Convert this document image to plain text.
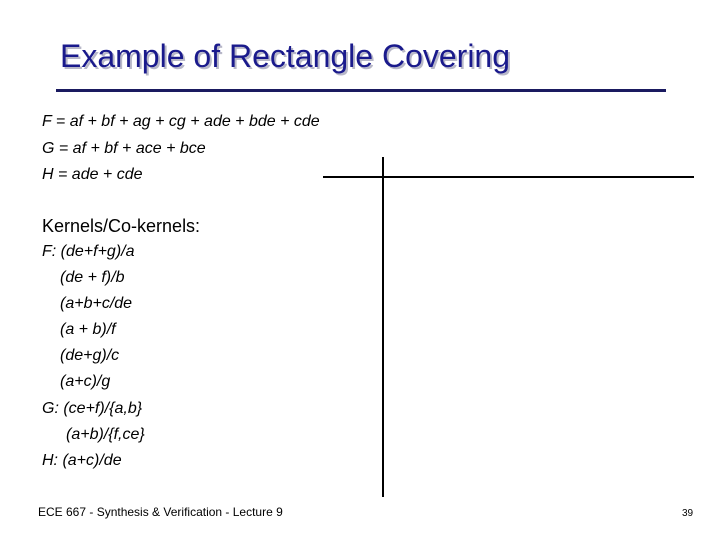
Example of Rectangle Covering
F = af + bf + ag + cg + ade + bde + cde
G = af + bf + ace + bce
H = ade + cde
Kernels/Co-kernels:
F: (de+f+g)/a
(de + f)/b
(a+b+c/de
(a + b)/f
(de+g)/c
(a+c)/g
G: (ce+f)/{a,b}
(a+b)/{f,ce}
H: (a+c)/de
ECE 667 - Synthesis & Verification - Lecture 9	39
